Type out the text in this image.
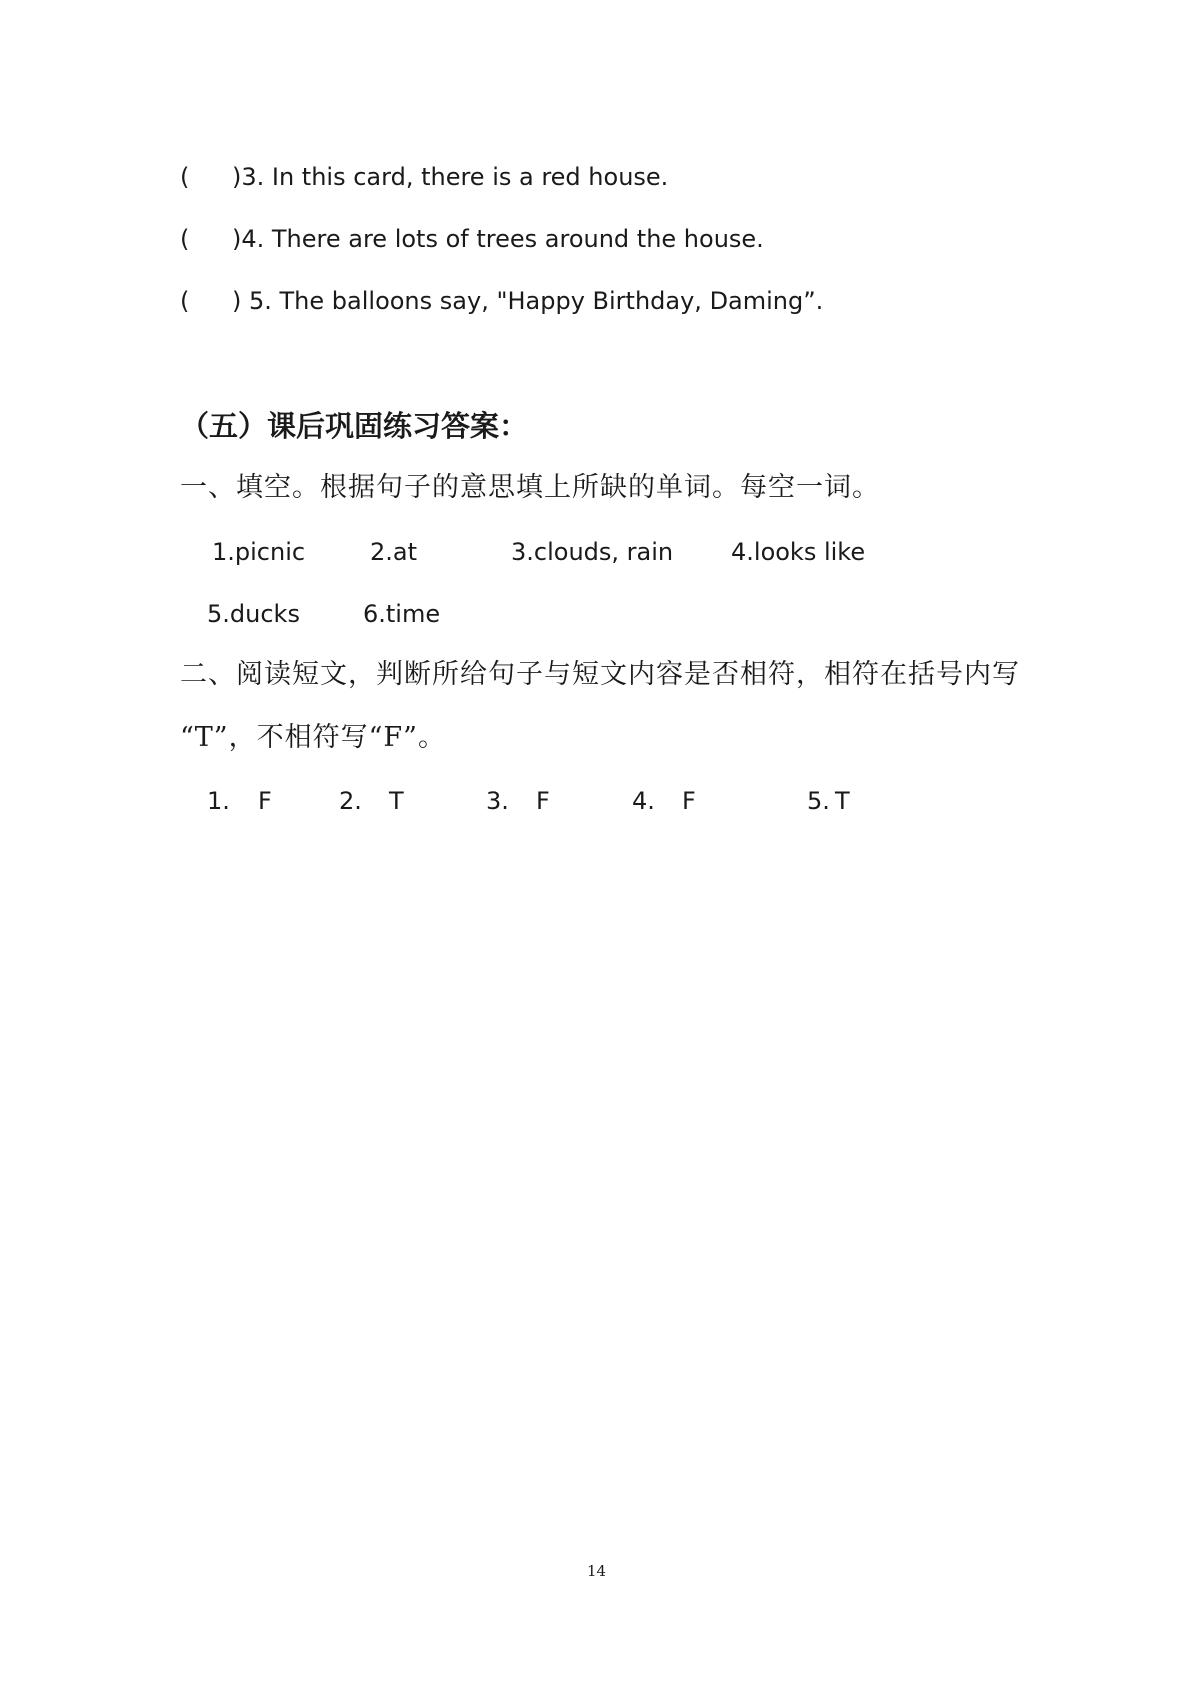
( )3. In this card, there is a red house.
( )4. There are lots of trees around the house.
( ) 5. The balloons say, "Happy Birthday, Daming”.
（五）课后巩固练习答案：
一、填空。根据句子的意思填上所缺的单词。每空一词。
1.picnic	2.at	3.clouds, rain 4.looks like
5.ducks	6.time
二、阅读短文，判断所给句子与短文内容是否相符，相符在括号内写
“T”，不相符写“F”。
1. F	2. T	3. F	4. F	5. T
14
